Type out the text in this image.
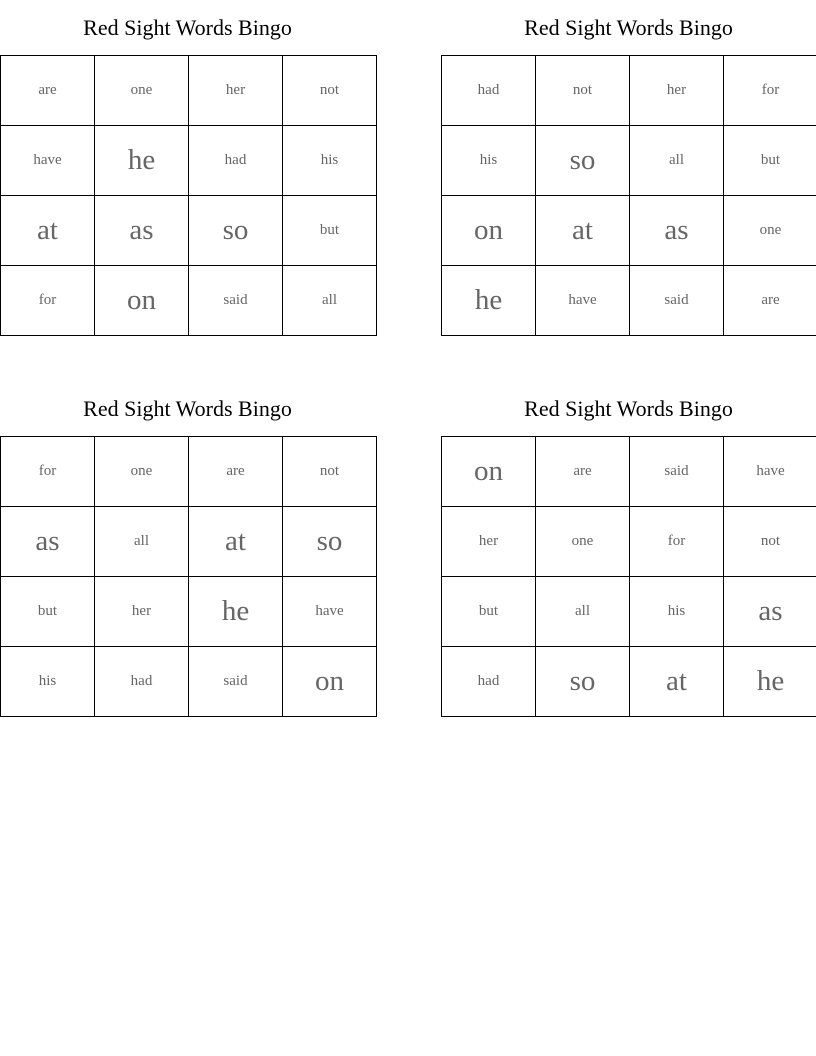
Red Sight Words Bingo
are	one	her	not
have	he	had	his
at	as	so	but
for	on	said	all
Red Sight Words Bingo
had	not	her	for
his	so	all	but
on	at	as	one
he	have	said	are
Red Sight Words Bingo
for	one	are	not
as	all	at	so
but	her	he	have
his	had	said	on
Red Sight Words Bingo
on	are	said	have
her	one	for	not
but	all	his	as
had	so	at	he
